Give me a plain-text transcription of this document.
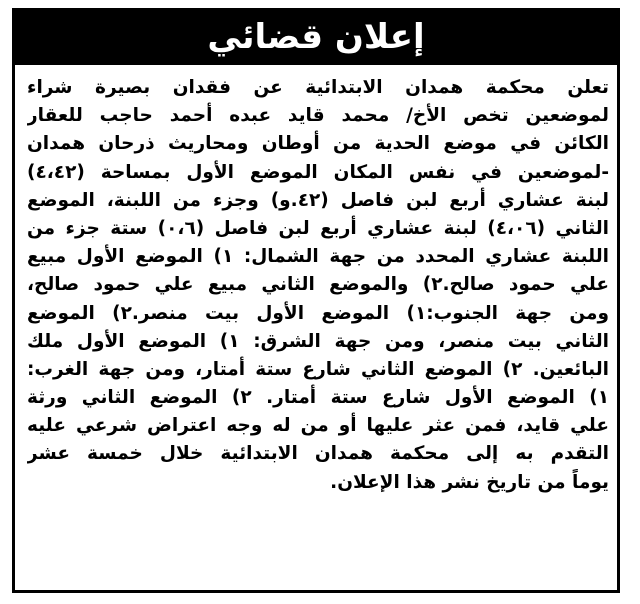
إعلان قضائي
تعلن محكمة همدان الابتدائية عن فقدان بصيرة شراء
لموضعين تخص الأخ/ محمد قايد عبده أحمد حاجب للعقار
الكائن في موضع الحدية من أوطان ومحاريث ذرحان همدان
-لموضعين في نفس المكان الموضع الأول بمساحة (٤،٤٢)
لبنة عشاري أربع لبن فاصل (٤٢.و) وجزء من اللبنة، الموضع
الثاني (٤،٠٦) لبنة عشاري أربع لبن فاصل (٠،٦) ستة جزء من
اللبنة عشاري المحدد من جهة الشمال: ١) الموضع الأول مبيع
علي حمود صالح.٢) والموضع الثاني مبيع علي حمود صالح،
ومن جهة الجنوب:١) الموضع الأول بيت منصر.٢) الموضع
الثاني بيت منصر، ومن جهة الشرق: ١) الموضع الأول ملك
البائعين. ٢) الموضع الثاني شارع ستة أمتار، ومن جهة الغرب:
١) الموضع الأول شارع ستة أمتار. ٢) الموضع الثاني ورثة
علي قايد، فمن عثر عليها أو من له وجه اعتراض شرعي عليه
التقدم به إلى محكمة همدان الابتدائية خلال خمسة عشر
يوماً من تاريخ نشر هذا الإعلان.
